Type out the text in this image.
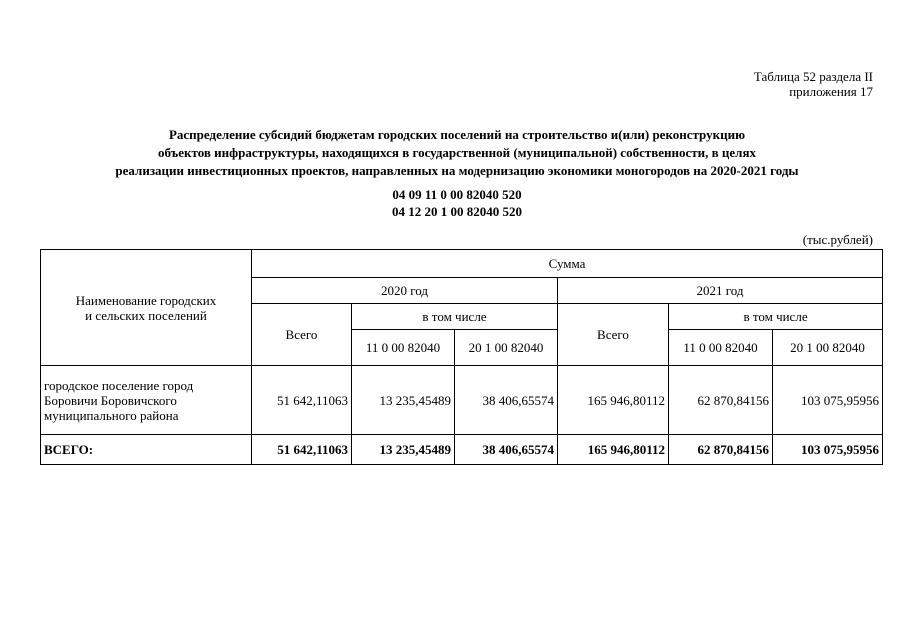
Таблица 52 раздела II
приложения 17
Распределение субсидий бюджетам городских поселений на строительство и(или) реконструкцию
объектов инфраструктуры, находящихся в государственной (муниципальной) собственности, в целях
реализации инвестиционных проектов, направленных на модернизацию экономики моногородов на 2020-2021 годы
04 09 11 0 00 82040 520
04 12 20 1 00 82040 520
(тыс.рублей)
Наименование городских и сельских поселений	Сумма					
	2020 год			2021 год		
	Всего	в том числе		Всего	в том числе	
		11 0 00 82040	20 1 00 82040		11 0 00 82040	20 1 00 82040
городское поселение город Боровичи Боровичского муниципального района	51 642,11063	13 235,45489	38 406,65574	165 946,80112	62 870,84156	103 075,95956
ВСЕГО:	51 642,11063	13 235,45489	38 406,65574	165 946,80112	62 870,84156	103 075,95956
